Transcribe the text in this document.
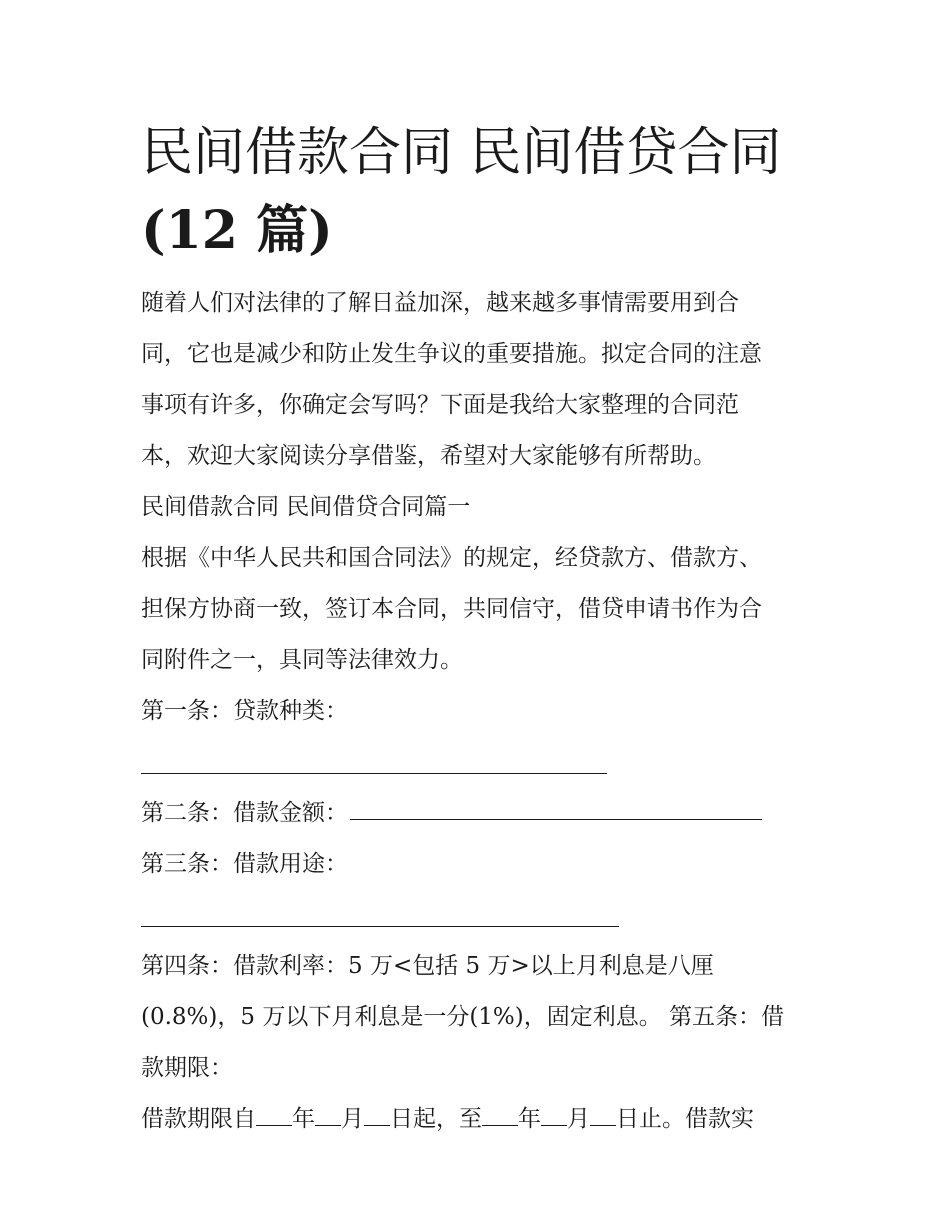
民间借款合同 民间借贷合同
(12 篇)

随着人们对法律的了解日益加深，越来越多事情需要用到合

同，它也是减少和防止发生争议的重要措施。拟定合同的注意

事项有许多，你确定会写吗？下面是我给大家整理的合同范

本，欢迎大家阅读分享借鉴，希望对大家能够有所帮助。

民间借款合同 民间借贷合同篇一

根据《中华人民共和国合同法》的规定，经贷款方、借款方、

担保方协商一致，签订本合同，共同信守，借贷申请书作为合

同附件之一，具同等法律效力。

第一条：贷款种类：

第二条：借款金额：

第三条：借款用途：

第四条：借款利率：5 万<包括 5 万>以上月利息是八厘

(0.8%)，5 万以下月利息是一分(1%)，固定利息。 第五条：借

款期限：

借款期限自 年 月 日起，至 年 月 日止。借款实
